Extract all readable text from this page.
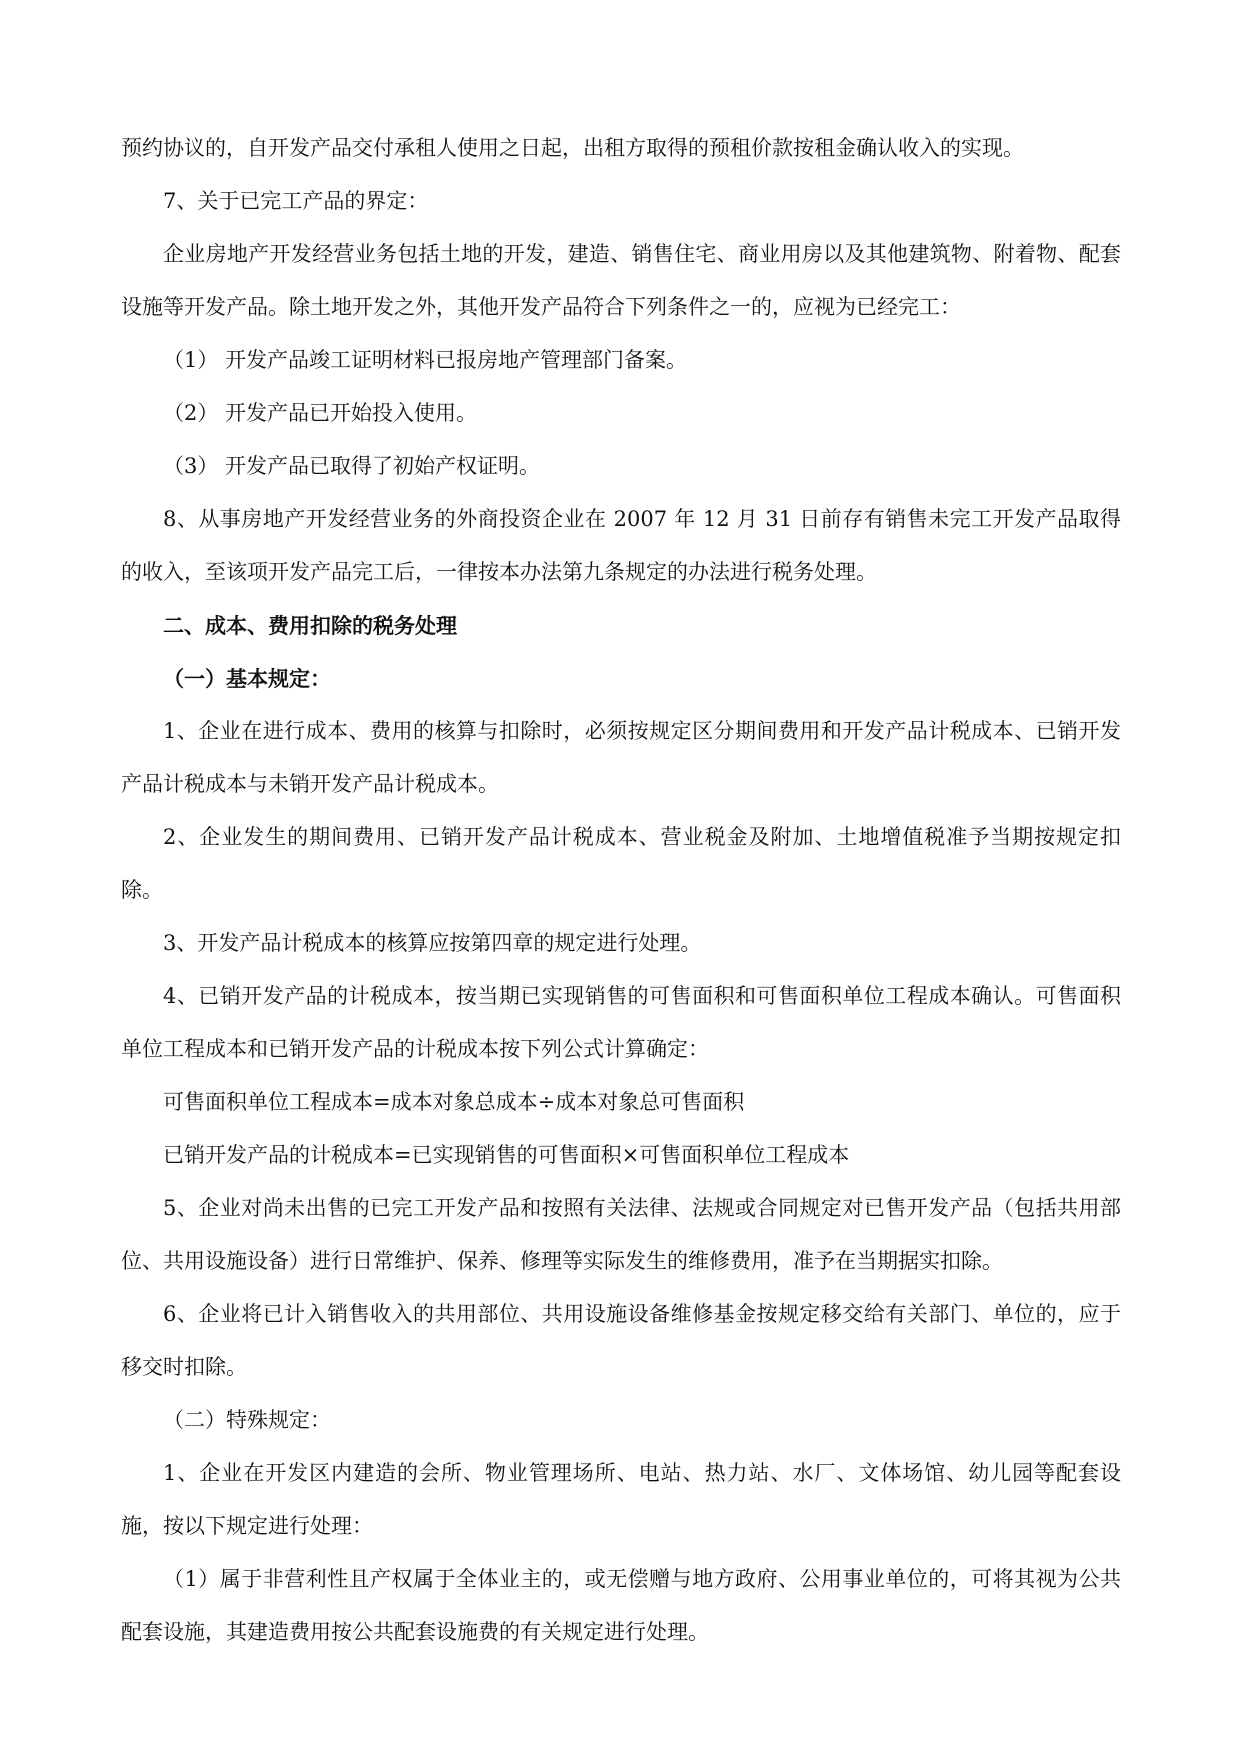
预约协议的，自开发产品交付承租人使用之日起，出租方取得的预租价款按租金确认收入的实现。

7、关于已完工产品的界定：

企业房地产开发经营业务包括土地的开发，建造、销售住宅、商业用房以及其他建筑物、附着物、配套设施等开发产品。除土地开发之外，其他开发产品符合下列条件之一的，应视为已经完工：

（1） 开发产品竣工证明材料已报房地产管理部门备案。

（2） 开发产品已开始投入使用。

（3） 开发产品已取得了初始产权证明。

8、从事房地产开发经营业务的外商投资企业在 2007 年 12 月 31 日前存有销售未完工开发产品取得的收入，至该项开发产品完工后，一律按本办法第九条规定的办法进行税务处理。

二、成本、费用扣除的税务处理

（一）基本规定：

1、企业在进行成本、费用的核算与扣除时，必须按规定区分期间费用和开发产品计税成本、已销开发产品计税成本与未销开发产品计税成本。

2、企业发生的期间费用、已销开发产品计税成本、营业税金及附加、土地增值税准予当期按规定扣除。

3、开发产品计税成本的核算应按第四章的规定进行处理。

4、已销开发产品的计税成本，按当期已实现销售的可售面积和可售面积单位工程成本确认。可售面积单位工程成本和已销开发产品的计税成本按下列公式计算确定：

可售面积单位工程成本=成本对象总成本÷成本对象总可售面积

已销开发产品的计税成本=已实现销售的可售面积×可售面积单位工程成本

5、企业对尚未出售的已完工开发产品和按照有关法律、法规或合同规定对已售开发产品（包括共用部位、共用设施设备）进行日常维护、保养、修理等实际发生的维修费用，准予在当期据实扣除。

6、企业将已计入销售收入的共用部位、共用设施设备维修基金按规定移交给有关部门、单位的，应于移交时扣除。

（二）特殊规定：

1、企业在开发区内建造的会所、物业管理场所、电站、热力站、水厂、文体场馆、幼儿园等配套设施，按以下规定进行处理：

（1）属于非营利性且产权属于全体业主的，或无偿赠与地方政府、公用事业单位的，可将其视为公共配套设施，其建造费用按公共配套设施费的有关规定进行处理。
